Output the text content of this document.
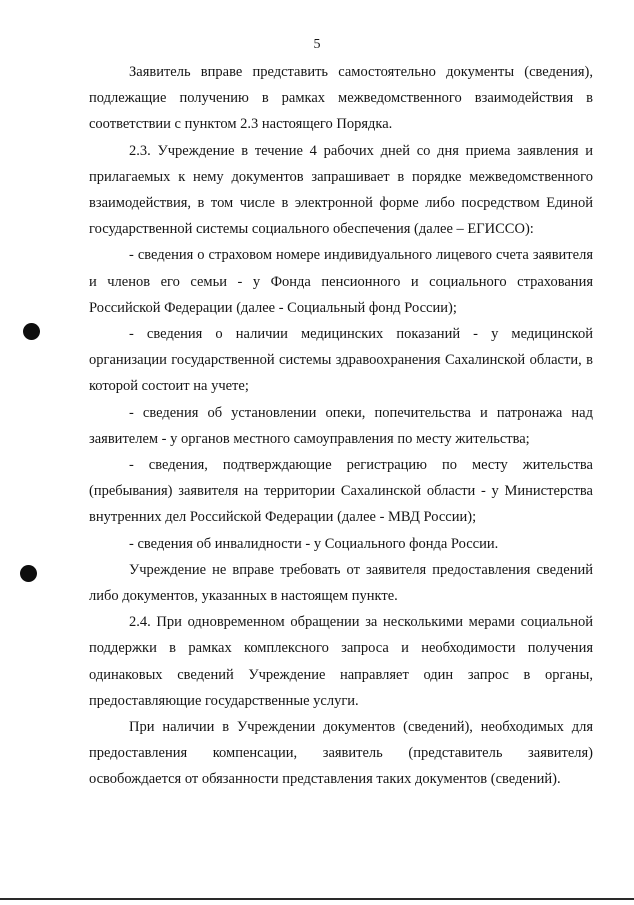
5

Заявитель вправе представить самостоятельно документы (сведения), подлежащие получению в рамках межведомственного взаимодействия в соответствии с пунктом 2.3 настоящего Порядка.

2.3. Учреждение в течение 4 рабочих дней со дня приема заявления и прилагаемых к нему документов запрашивает в порядке межведомственного взаимодействия, в том числе в электронной форме либо посредством Единой государственной системы социального обеспечения (далее – ЕГИССО):

- сведения о страховом номере индивидуального лицевого счета заявителя и членов его семьи - у Фонда пенсионного и социального страхования Российской Федерации (далее - Социальный фонд России);

- сведения о наличии медицинских показаний - у медицинской организации государственной системы здравоохранения Сахалинской области, в которой состоит на учете;

- сведения об установлении опеки, попечительства и патронажа над заявителем - у органов местного самоуправления по месту жительства;

- сведения, подтверждающие регистрацию по месту жительства (пребывания) заявителя на территории Сахалинской области - у Министерства внутренних дел Российской Федерации (далее - МВД России);

- сведения об инвалидности - у Социального фонда России.

Учреждение не вправе требовать от заявителя предоставления сведений либо документов, указанных в настоящем пункте.

2.4. При одновременном обращении за несколькими мерами социальной поддержки в рамках комплексного запроса и необходимости получения одинаковых сведений Учреждение направляет один запрос в органы, предоставляющие государственные услуги.

При наличии в Учреждении документов (сведений), необходимых для предоставления компенсации, заявитель (представитель заявителя) освобождается от обязанности представления таких документов (сведений).
